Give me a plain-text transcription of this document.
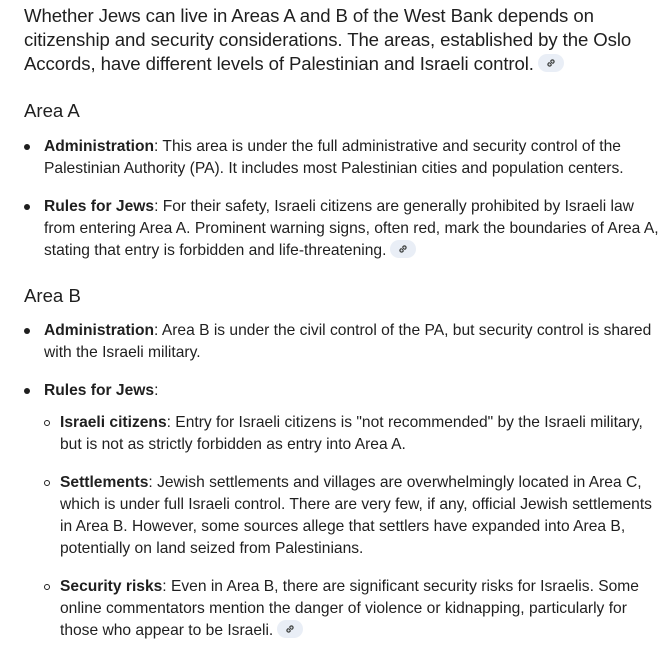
Whether Jews can live in Areas A and B of the West Bank depends on citizenship and security considerations. The areas, established by the Oslo Accords, have different levels of Palestinian and Israeli control.

Area A
Administration: This area is under the full administrative and security control of the Palestinian Authority (PA). It includes most Palestinian cities and population centers.
Rules for Jews: For their safety, Israeli citizens are generally prohibited by Israeli law from entering Area A. Prominent warning signs, often red, mark the boundaries of Area A, stating that entry is forbidden and life-threatening.
Area B
Administration: Area B is under the civil control of the PA, but security control is shared with the Israeli military.
Rules for Jews:
Israeli citizens: Entry for Israeli citizens is "not recommended" by the Israeli military, but is not as strictly forbidden as entry into Area A.
Settlements: Jewish settlements and villages are overwhelmingly located in Area C, which is under full Israeli control. There are very few, if any, official Jewish settlements in Area B. However, some sources allege that settlers have expanded into Area B, potentially on land seized from Palestinians.
Security risks: Even in Area B, there are significant security risks for Israelis. Some online commentators mention the danger of violence or kidnapping, particularly for those who appear to be Israeli.
